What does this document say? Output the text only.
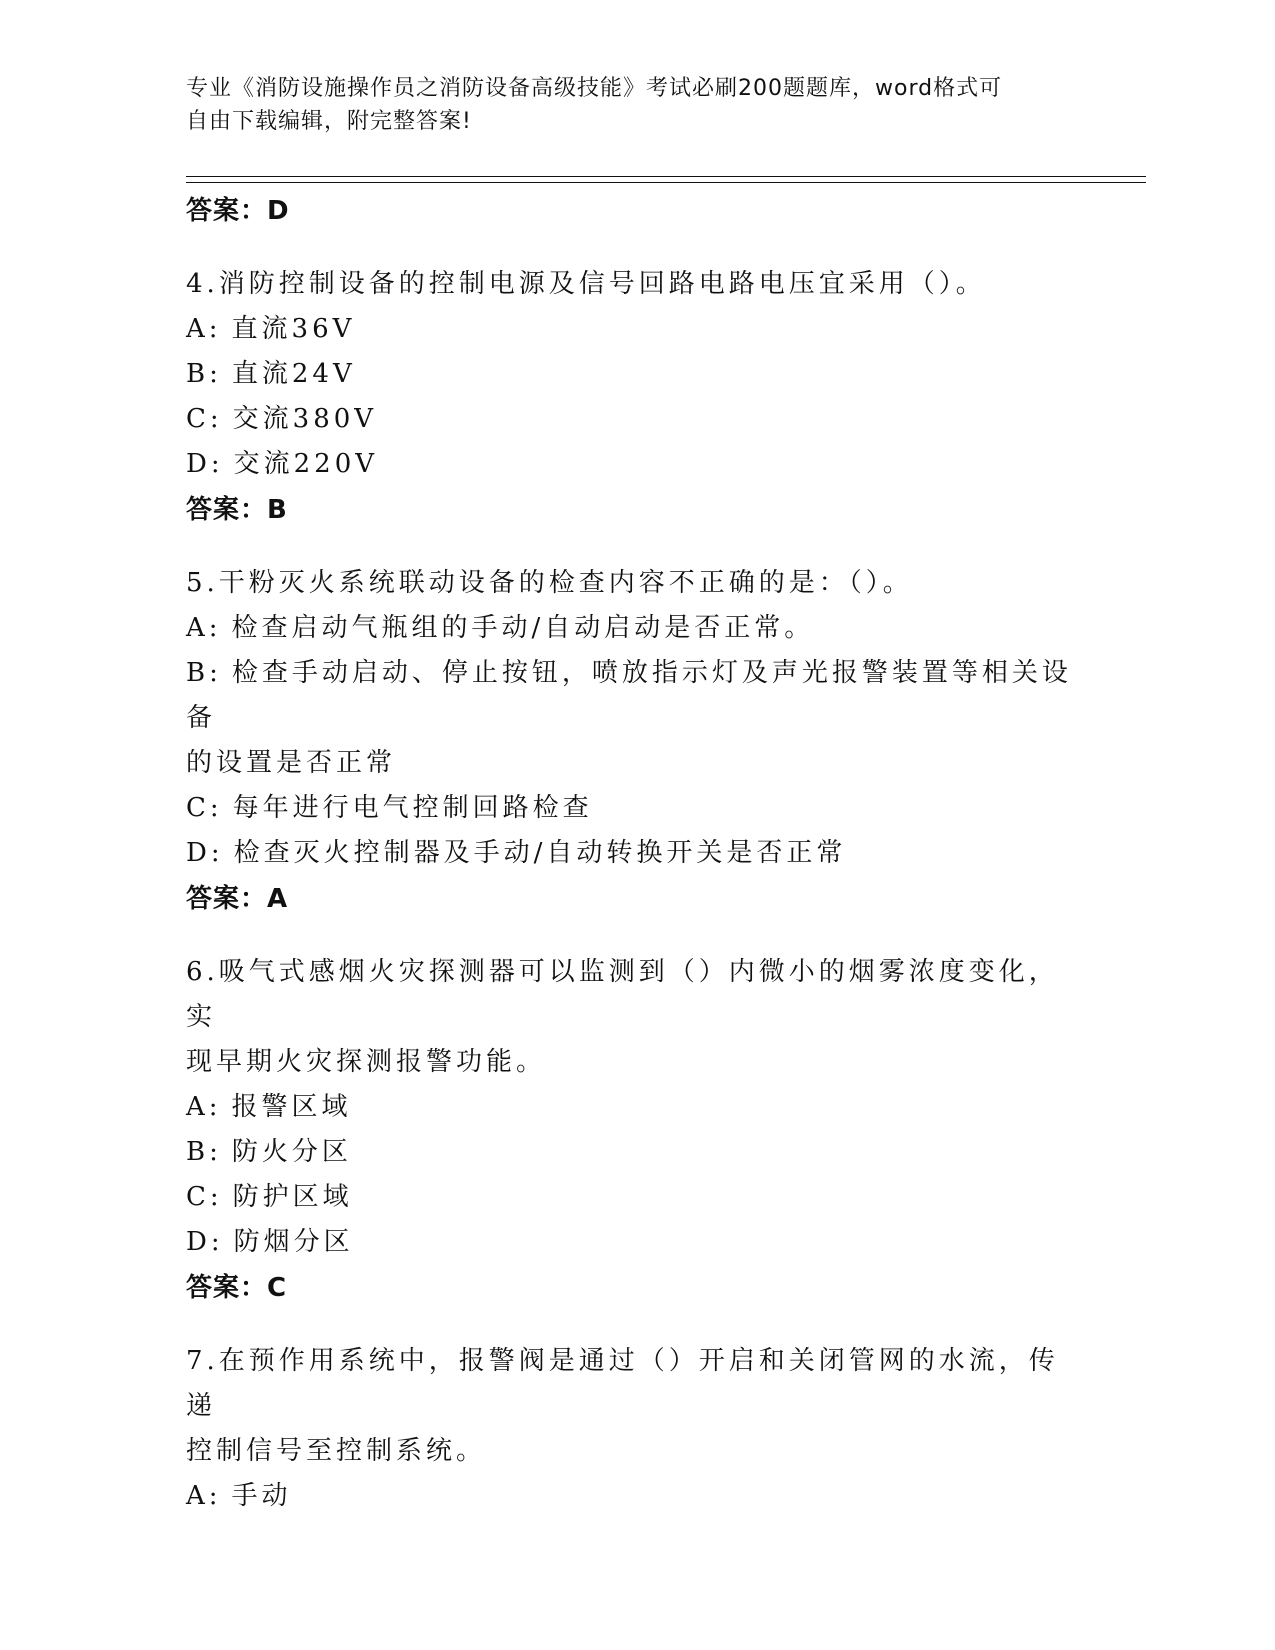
专业《消防设施操作员之消防设备高级技能》考试必刷200题题库，word格式可
自由下载编辑，附完整答案!
答案：D
4.消防控制设备的控制电源及信号回路电路电压宜采用（）。
A: 直流36V
B: 直流24V
C: 交流380V
D: 交流220V
答案：B
5.干粉灭火系统联动设备的检查内容不正确的是：（）。
A: 检查启动气瓶组的手动/自动启动是否正常。
B: 检查手动启动、停止按钮，喷放指示灯及声光报警装置等相关设备
的设置是否正常
C: 每年进行电气控制回路检查
D: 检查灭火控制器及手动/自动转换开关是否正常
答案：A
6.吸气式感烟火灾探测器可以监测到（）内微小的烟雾浓度变化，实
现早期火灾探测报警功能。
A: 报警区域
B: 防火分区
C: 防护区域
D: 防烟分区
答案：C
7.在预作用系统中，报警阀是通过（）开启和关闭管网的水流，传递
控制信号至控制系统。
A: 手动
